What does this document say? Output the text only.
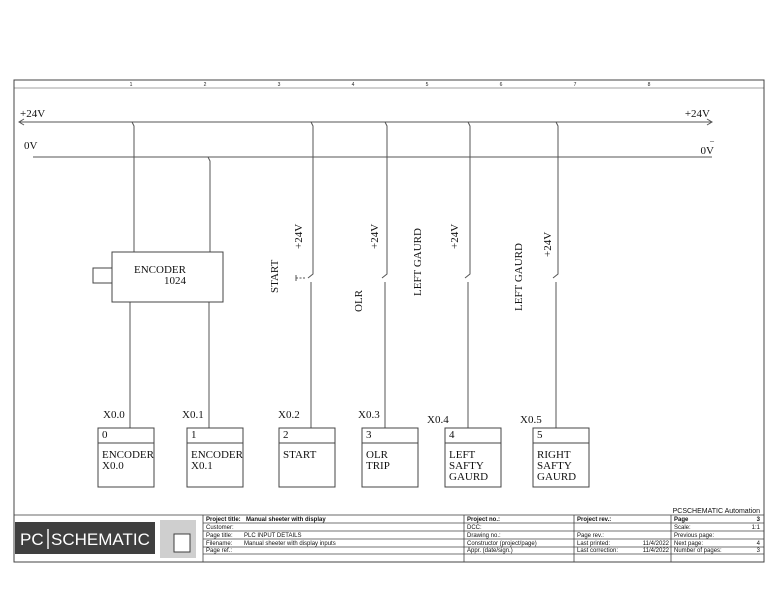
1	2	3	4	5	6	7	8
+24V	+24V
0V	0V
–
ENCODER
1024	START
+24V
OLR
+24V	LEFT GAURD +24V
LEFT GAURD +24V
X0.0	X0.1	X0.2	X0.3	X0.4	X0.5
0	1	2	3	4	5
ENCODER
X0.0
ENCODER
X0.1
START	OLR
TRIP
LEFT
SAFTY
GAURD
RIGHT
SAFTY
GAURD
PCSCHEMATIC Automation
PC SCHEMATIC
Project title: Manual sheeter with display
Customer:
Page title: PLC INPUT DETAILS
Filename: Manual sheeter with display inputs
Page ref.:
Project no.:
DCC:
Drawing no.:
Constructor (project/page)
Appr. (date/sign.)
Project rev.:
Page rev.:
Last printed:	11/4/2022
Last correction:	11/4/2022
Page	3
Scale:	1:1
Previous page:
Next page:	4
Number of pages:	3
